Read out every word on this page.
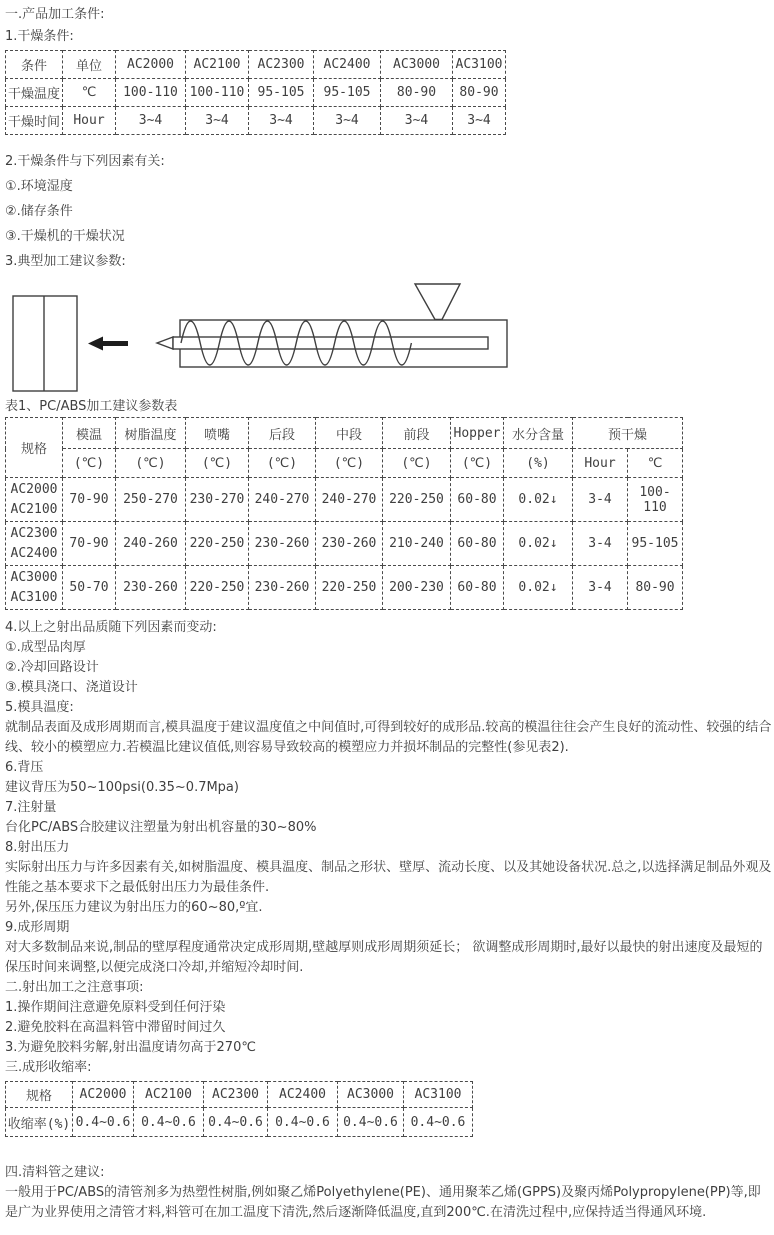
一.产品加工条件:

1.干燥条件:

条件	单位	AC2000	AC2100	AC2300	AC2400	AC3000	AC3100
干燥温度	℃	100-110	100-110	95-105	95-105	80-90	80-90
干燥时间	Hour	3~4	3~4	3~4	3~4	3~4	3~4

2.干燥条件与下列因素有关:

①.环境湿度

②.储存条件

③.干燥机的干燥状况

3.典型加工建议参数:

表1、PC/ABS加工建议参数表

规格	模温	树脂温度	喷嘴	后段	中段	前段	Hopper	水分含量	预干燥	
	(℃)	(℃)	(℃)	(℃)	(℃)	(℃)	(℃)	(%)	Hour	℃

AC2000
AC2100	70-90	250-270	230-270	240-270	240-270	220-250	60-80	0.02↓	3-4	100-110

AC2300
AC2400	70-90	240-260	220-250	230-260	230-260	210-240	60-80	0.02↓	3-4	95-105

AC3000
AC3100	50-70	230-260	220-250	230-260	220-250	200-230	60-80	0.02↓	3-4	80-90

4.以上之射出品质随下列因素而变动:

①.成型品肉厚

②.冷却回路设计

③.模具浇口、浇道设计

5.模具温度:

就制品表面及成形周期而言,模具温度于建议温度值之中间值时,可得到较好的成形品.较高的模温往往会产生良好的流动性、较强的结合线、较小的模塑应力.若模温比建议值低,则容易导致较高的模塑应力并损坏制品的完整性(参见表2).

6.背压

建议背压为50~100psi(0.35~0.7Mpa)

7.注射量

台化PC/ABS合胶建议注塑量为射出机容量的30~80%

8.射出压力

实际射出压力与许多因素有关,如树脂温度、模具温度、制品之形状、壁厚、流动长度、以及其她设备状况.总之,以选择满足制品外观及性能之基本要求下之最低射出压力为最佳条件.

另外,保压压力建议为射出压力的60~80,º宜.

9.成形周期

对大多数制品来说,制品的壁厚程度通常决定成形周期,壁越厚则成形周期须延长； 欲调整成形周期时,最好以最快的射出速度及最短的保压时间来调整,以便完成浇口冷却,并缩短冷却时间.

二.射出加工之注意事项:

1.操作期间注意避免原料受到任何汙染

2.避免胶料在高温料管中滞留时间过久

3.为避免胶料劣解,射出温度请勿高于270℃

三.成形收缩率:

规格	AC2000	AC2100	AC2300	AC2400	AC3000	AC3100
收缩率(%)	0.4~0.6	0.4~0.6	0.4~0.6	0.4~0.6	0.4~0.6	0.4~0.6

四.清料管之建议:

一般用于PC/ABS的清管剂多为热塑性树脂,例如聚乙烯Polyethylene(PE)、通用聚苯乙烯(GPPS)及聚丙烯Polypropylene(PP)等,即是广为业界使用之清管才料,料管可在加工温度下清洗,然后逐渐降低温度,直到200℃.在清洗过程中,应保持适当得通风环境.
